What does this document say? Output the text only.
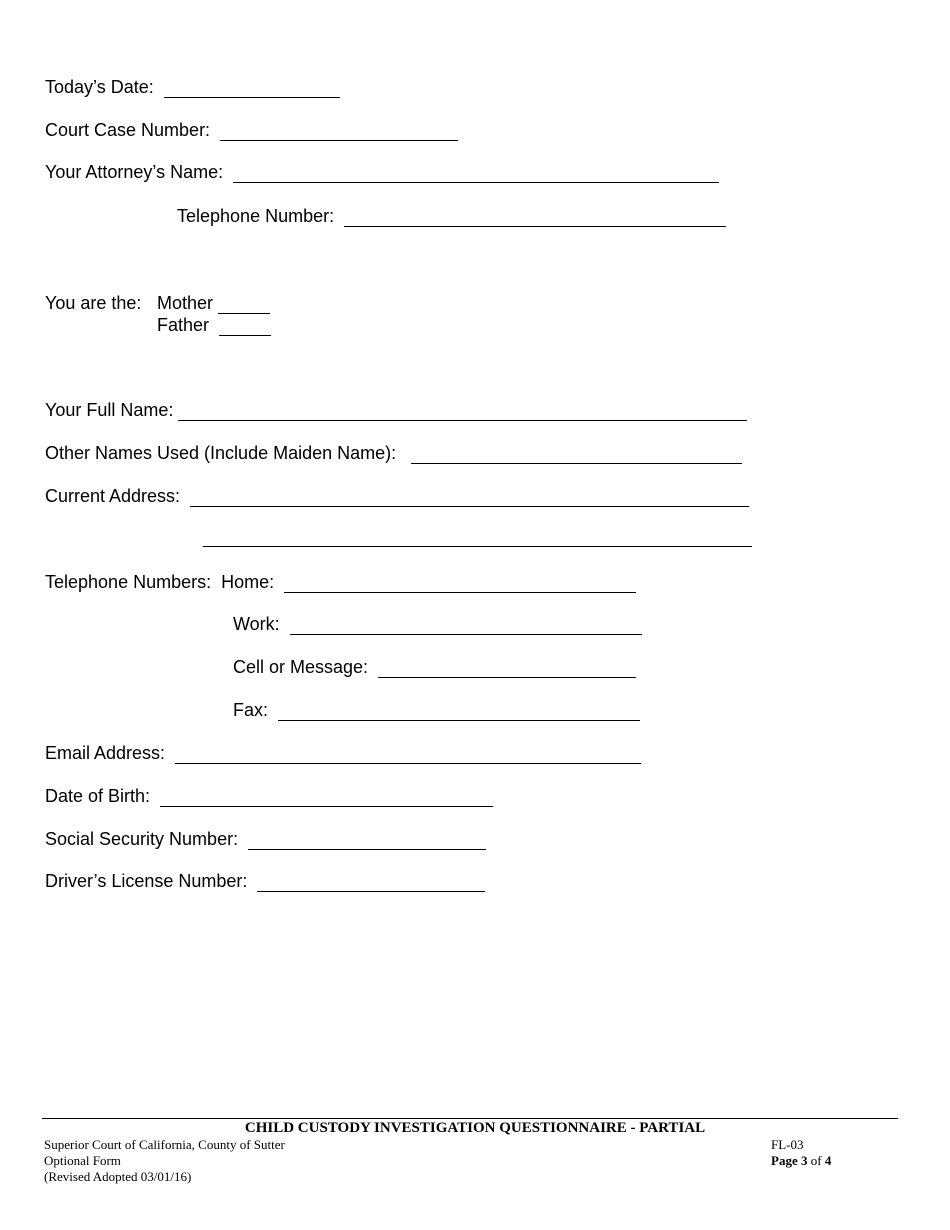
Today’s Date:
Court Case Number:
Your Attorney’s Name:
Telephone Number:
You are the: Mother
Father
Your Full Name:
Other Names Used (Include Maiden Name):
Current Address:
Telephone Numbers: Home:
Work:
Cell or Message:
Fax:
Email Address:
Date of Birth:
Social Security Number:
Driver’s License Number:
CHILD CUSTODY INVESTIGATION QUESTIONNAIRE - PARTIAL
Superior Court of California, County of Sutter
Optional Form
(Revised Adopted 03/01/16)
FL-03
Page 3 of 4
